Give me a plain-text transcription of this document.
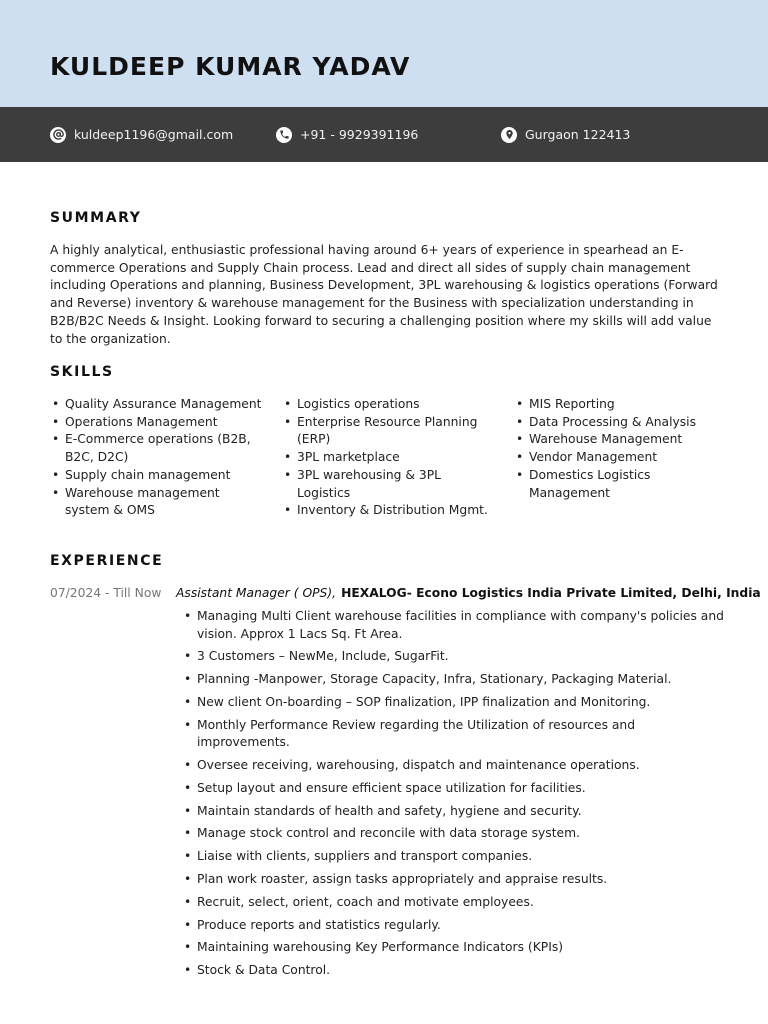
KULDEEP KUMAR YADAV
kuldeep1196@gmail.com	+91 - 9929391196	Gurgaon 122413
SUMMARY

A highly analytical, enthusiastic professional having around 6+ years of experience in spearhead an E-commerce Operations and Supply Chain process. Lead and direct all sides of supply chain management including Operations and planning, Business Development, 3PL warehousing & logistics operations (Forward and Reverse) inventory & warehouse management for the Business with specialization understanding in B2B/B2C Needs & Insight. Looking forward to securing a challenging position where my skills will add value to the organization.

SKILLS
• Quality Assurance Management
• Operations Management
• E-Commerce operations (B2B, B2C, D2C)
• Supply chain management
• Warehouse management system & OMS
• Logistics operations
• Enterprise Resource Planning (ERP)
• 3PL marketplace
• 3PL warehousing & 3PL Logistics
• Inventory & Distribution Mgmt.
• MIS Reporting
• Data Processing & Analysis
• Warehouse Management
• Vendor Management
• Domestics Logistics Management
EXPERIENCE
07/2024 - Till Now Assistant Manager ( OPS), HEXALOG- Econo Logistics India Private Limited, Delhi, India
• Managing Multi Client warehouse facilities in compliance with company's policies and vision. Approx 1 Lacs Sq. Ft Area.
• 3 Customers – NewMe, Include, SugarFit.
• Planning -Manpower, Storage Capacity, Infra, Stationary, Packaging Material.
• New client On-boarding – SOP finalization, IPP finalization and Monitoring.
• Monthly Performance Review regarding the Utilization of resources and improvements.
• Oversee receiving, warehousing, dispatch and maintenance operations.
• Setup layout and ensure efficient space utilization for facilities.
• Maintain standards of health and safety, hygiene and security.
• Manage stock control and reconcile with data storage system.
• Liaise with clients, suppliers and transport companies.
• Plan work roaster, assign tasks appropriately and appraise results.
• Recruit, select, orient, coach and motivate employees.
• Produce reports and statistics regularly.
• Maintaining warehousing Key Performance Indicators (KPIs)
• Stock & Data Control.
